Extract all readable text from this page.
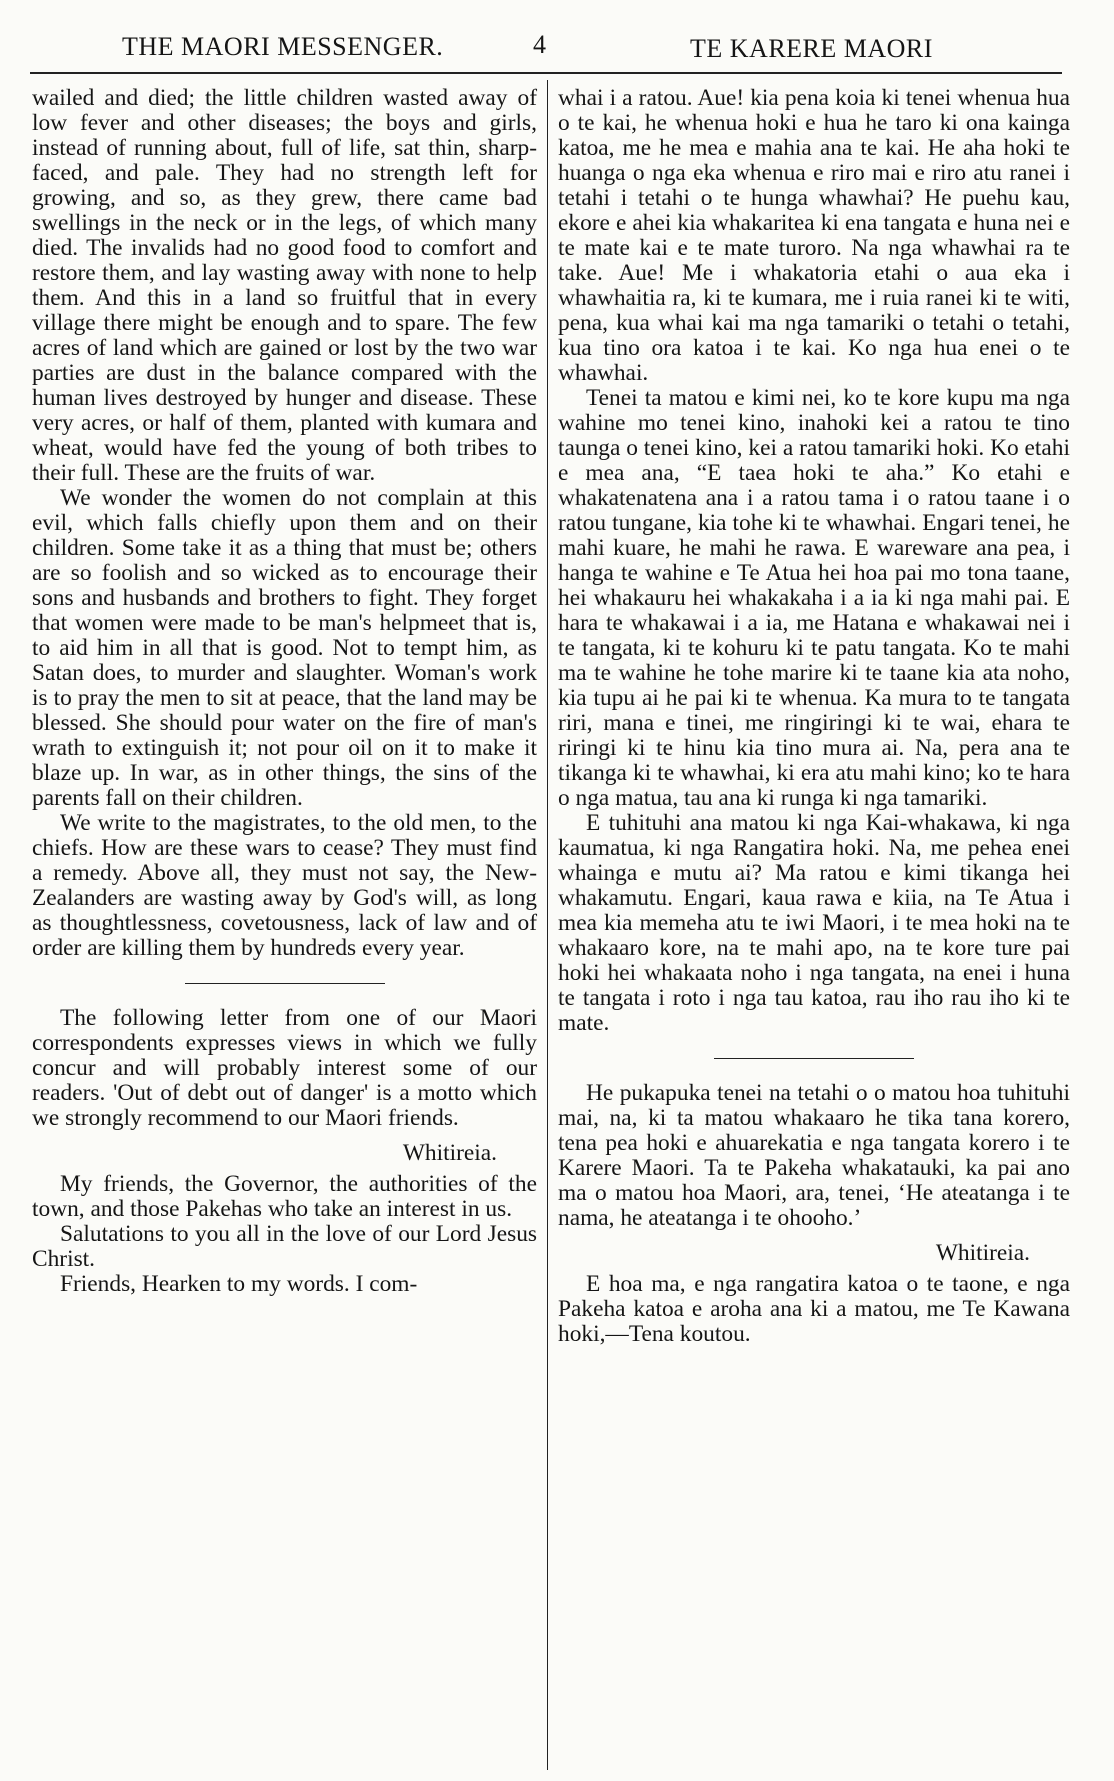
THE MAORI MESSENGER.	4	TE KARERE MAORI

wailed and died; the little children wasted away of low fever and other diseases; the boys and girls, instead of running about, full of life, sat thin, sharp-faced, and pale. They had no strength left for growing, and so, as they grew, there came bad swellings in the neck or in the legs, of which many died. The invalids had no good food to comfort and restore them, and lay wasting away with none to help them. And this in a land so fruitful that in every village there might be enough and to spare. The few acres of land which are gained or lost by the two war parties are dust in the balance compared with the human lives destroyed by hunger and disease. These very acres, or half of them, planted with kumara and wheat, would have fed the young of both tribes to their full. These are the fruits of war.

We wonder the women do not complain at this evil, which falls chiefly upon them and on their children. Some take it as a thing that must be; others are so foolish and so wicked as to encourage their sons and husbands and brothers to fight. They forget that women were made to be man's helpmeet that is, to aid him in all that is good. Not to tempt him, as Satan does, to murder and slaughter. Woman's work is to pray the men to sit at peace, that the land may be blessed. She should pour water on the fire of man's wrath to extinguish it; not pour oil on it to make it blaze up. In war, as in other things, the sins of the parents fall on their children.

We write to the magistrates, to the old men, to the chiefs. How are these wars to cease? They must find a remedy. Above all, they must not say, the New-Zealanders are wasting away by God's will, as long as thoughtlessness, covetousness, lack of law and of order are killing them by hundreds every year.

The following letter from one of our Maori correspondents expresses views in which we fully concur and will probably interest some of our readers. 'Out of debt out of danger' is a motto which we strongly recommend to our Maori friends.

Whitireia.

My friends, the Governor, the authorities of the town, and those Pakehas who take an interest in us.

Salutations to you all in the love of our Lord Jesus Christ.

Friends, Hearken to my words. I com-

whai i a ratou. Aue! kia pena koia ki tenei whenua hua o te kai, he whenua hoki e hua he taro ki ona kainga katoa, me he mea e mahia ana te kai. He aha hoki te huanga o nga eka whenua e riro mai e riro atu ranei i tetahi i tetahi o te hunga whawhai? He puehu kau, ekore e ahei kia whakaritea ki ena tangata e huna nei e te mate kai e te mate turoro. Na nga whawhai ra te take. Aue! Me i whakatoria etahi o aua eka i whawhaitia ra, ki te kumara, me i ruia ranei ki te witi, pena, kua whai kai ma nga tamariki o tetahi o tetahi, kua tino ora katoa i te kai. Ko nga hua enei o te whawhai.

Tenei ta matou e kimi nei, ko te kore kupu ma nga wahine mo tenei kino, inahoki kei a ratou te tino taunga o tenei kino, kei a ratou tamariki hoki. Ko etahi e mea ana, “E taea hoki te aha.” Ko etahi e whakatenatena ana i a ratou tama i o ratou taane i o ratou tungane, kia tohe ki te whawhai. Engari tenei, he mahi kuare, he mahi he rawa. E wareware ana pea, i hanga te wahine e Te Atua hei hoa pai mo tona taane, hei whakauru hei whakakaha i a ia ki nga mahi pai. E hara te whakawai i a ia, me Hatana e whakawai nei i te tangata, ki te kohuru ki te patu tangata. Ko te mahi ma te wahine he tohe marire ki te taane kia ata noho, kia tupu ai he pai ki te whenua. Ka mura to te tangata riri, mana e tinei, me ringiringi ki te wai, ehara te riringi ki te hinu kia tino mura ai. Na, pera ana te tikanga ki te whawhai, ki era atu mahi kino; ko te hara o nga matua, tau ana ki runga ki nga tamariki.

E tuhituhi ana matou ki nga Kai-whakawa, ki nga kaumatua, ki nga Rangatira hoki. Na, me pehea enei whainga e mutu ai? Ma ratou e kimi tikanga hei whakamutu. Engari, kaua rawa e kiia, na Te Atua i mea kia memeha atu te iwi Maori, i te mea hoki na te whakaaro kore, na te mahi apo, na te kore ture pai hoki hei whakaata noho i nga tangata, na enei i huna te tangata i roto i nga tau katoa, rau iho rau iho ki te mate.

He pukapuka tenei na tetahi o o matou hoa tuhituhi mai, na, ki ta matou whakaaro he tika tana korero, tena pea hoki e ahuarekatia e nga tangata korero i te Karere Maori. Ta te Pakeha whakatauki, ka pai ano ma o matou hoa Maori, ara, tenei, ‘He ateatanga i te nama, he ateatanga i te ohooho.’

Whitireia.

E hoa ma, e nga rangatira katoa o te taone, e nga Pakeha katoa e aroha ana ki a matou, me Te Kawana hoki,—Tena koutou.
